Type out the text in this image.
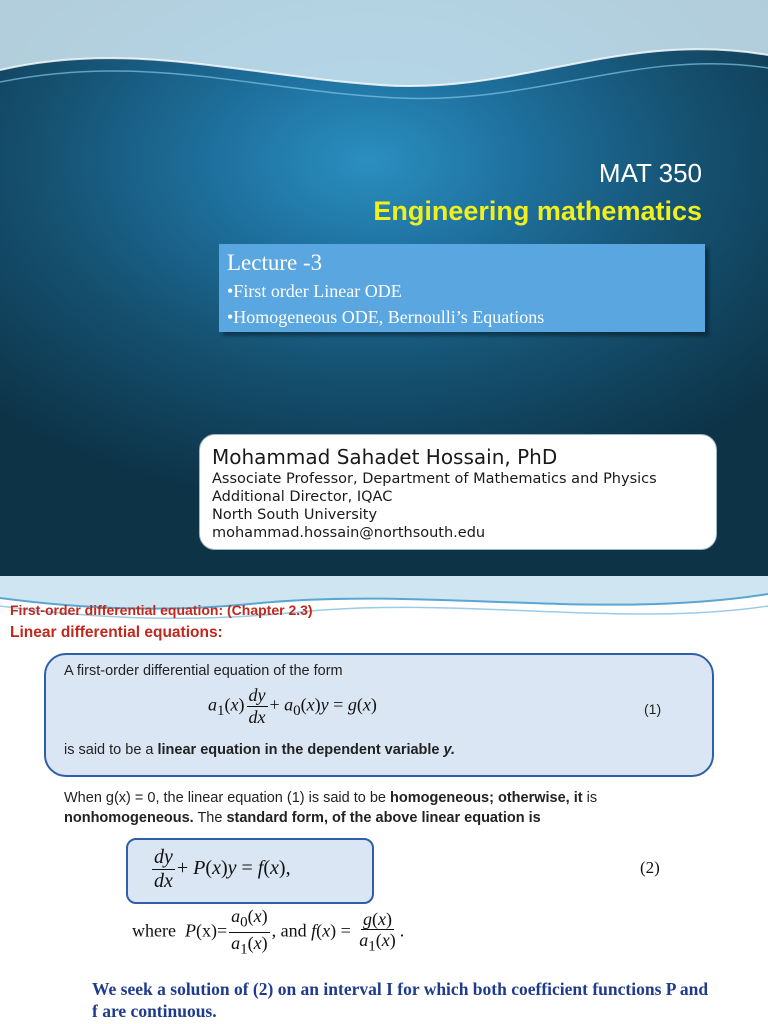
MAT 350
Engineering mathematics
Lecture -3
•First order Linear ODE
•Homogeneous ODE, Bernoulli’s Equations
Mohammad Sahadet Hossain, PhD
Associate Professor, Department of Mathematics and Physics
Additional Director, IQAC
North South University
mohammad.hossain@northsouth.edu
First-order differential equation: (Chapter 2.3)
Linear differential equations:
A first-order differential equation of the form
$a_1(x) \frac{dy}{dx} + a_0(x)y = g(x)$	(1)
is said to be a linear equation in the dependent variable y.
When g(x) = 0, the linear equation (1) is said to be homogeneous; otherwise, it is nonhomogeneous. The standard form, of the above linear equation is
$\frac{dy}{dx} + P(x)y = f(x)$,	(2)
where $P(x)= \frac{a_0(x)}{a_1(x)}$ , and $f(x) = \frac{g(x)}{a_1(x)}$ .
We seek a solution of (2) on an interval I for which both coefficient functions P and f are continuous.
